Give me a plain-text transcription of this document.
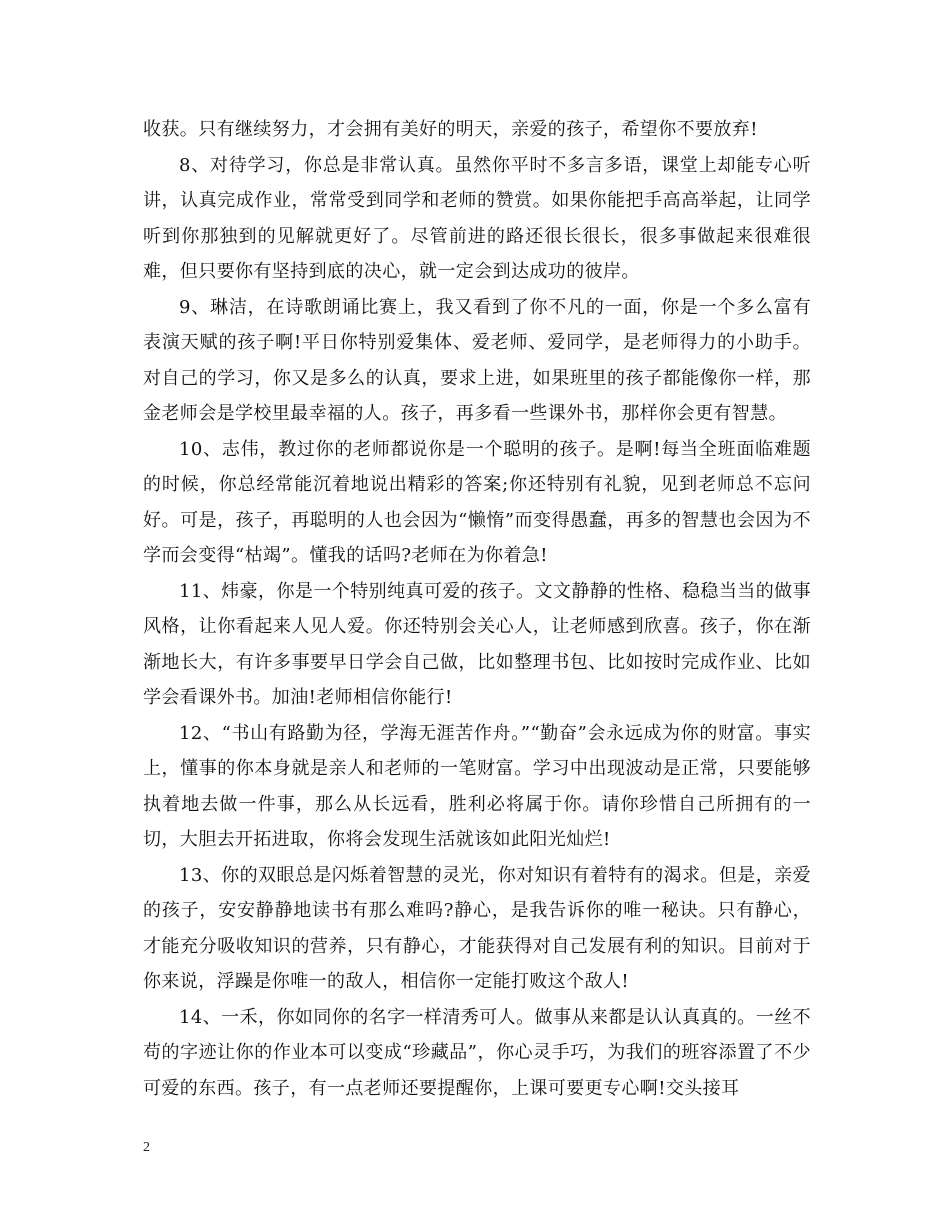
收获。只有继续努力，才会拥有美好的明天，亲爱的孩子，希望你不要放弃!

8、对待学习，你总是非常认真。虽然你平时不多言多语，课堂上却能专心听讲，认真完成作业，常常受到同学和老师的赞赏。如果你能把手高高举起，让同学听到你那独到的见解就更好了。尽管前进的路还很长很长，很多事做起来很难很难，但只要你有坚持到底的决心，就一定会到达成功的彼岸。

9、琳洁，在诗歌朗诵比赛上，我又看到了你不凡的一面，你是一个多么富有表演天赋的孩子啊!平日你特别爱集体、爱老师、爱同学，是老师得力的小助手。对自己的学习，你又是多么的认真，要求上进，如果班里的孩子都能像你一样，那金老师会是学校里最幸福的人。孩子，再多看一些课外书，那样你会更有智慧。

10、志伟，教过你的老师都说你是一个聪明的孩子。是啊!每当全班面临难题的时候，你总经常能沉着地说出精彩的答案;你还特别有礼貌，见到老师总不忘问好。可是，孩子，再聪明的人也会因为“懒惰”而变得愚蠢，再多的智慧也会因为不学而会变得“枯竭”。懂我的话吗?老师在为你着急!

11、炜豪，你是一个特别纯真可爱的孩子。文文静静的性格、稳稳当当的做事风格，让你看起来人见人爱。你还特别会关心人，让老师感到欣喜。孩子，你在渐渐地长大，有许多事要早日学会自己做，比如整理书包、比如按时完成作业、比如学会看课外书。加油!老师相信你能行!

12、“书山有路勤为径，学海无涯苦作舟。”“勤奋”会永远成为你的财富。事实上，懂事的你本身就是亲人和老师的一笔财富。学习中出现波动是正常，只要能够执着地去做一件事，那么从长远看，胜利必将属于你。请你珍惜自己所拥有的一切，大胆去开拓进取，你将会发现生活就该如此阳光灿烂!

13、你的双眼总是闪烁着智慧的灵光，你对知识有着特有的渴求。但是，亲爱的孩子，安安静静地读书有那么难吗?静心，是我告诉你的唯一秘诀。只有静心，才能充分吸收知识的营养，只有静心，才能获得对自己发展有利的知识。目前对于你来说，浮躁是你唯一的敌人，相信你一定能打败这个敌人!

14、一禾，你如同你的名字一样清秀可人。做事从来都是认认真真的。一丝不苟的字迹让你的作业本可以变成“珍藏品”，你心灵手巧，为我们的班容添置了不少可爱的东西。孩子，有一点老师还要提醒你，上课可要更专心啊!交头接耳

2
